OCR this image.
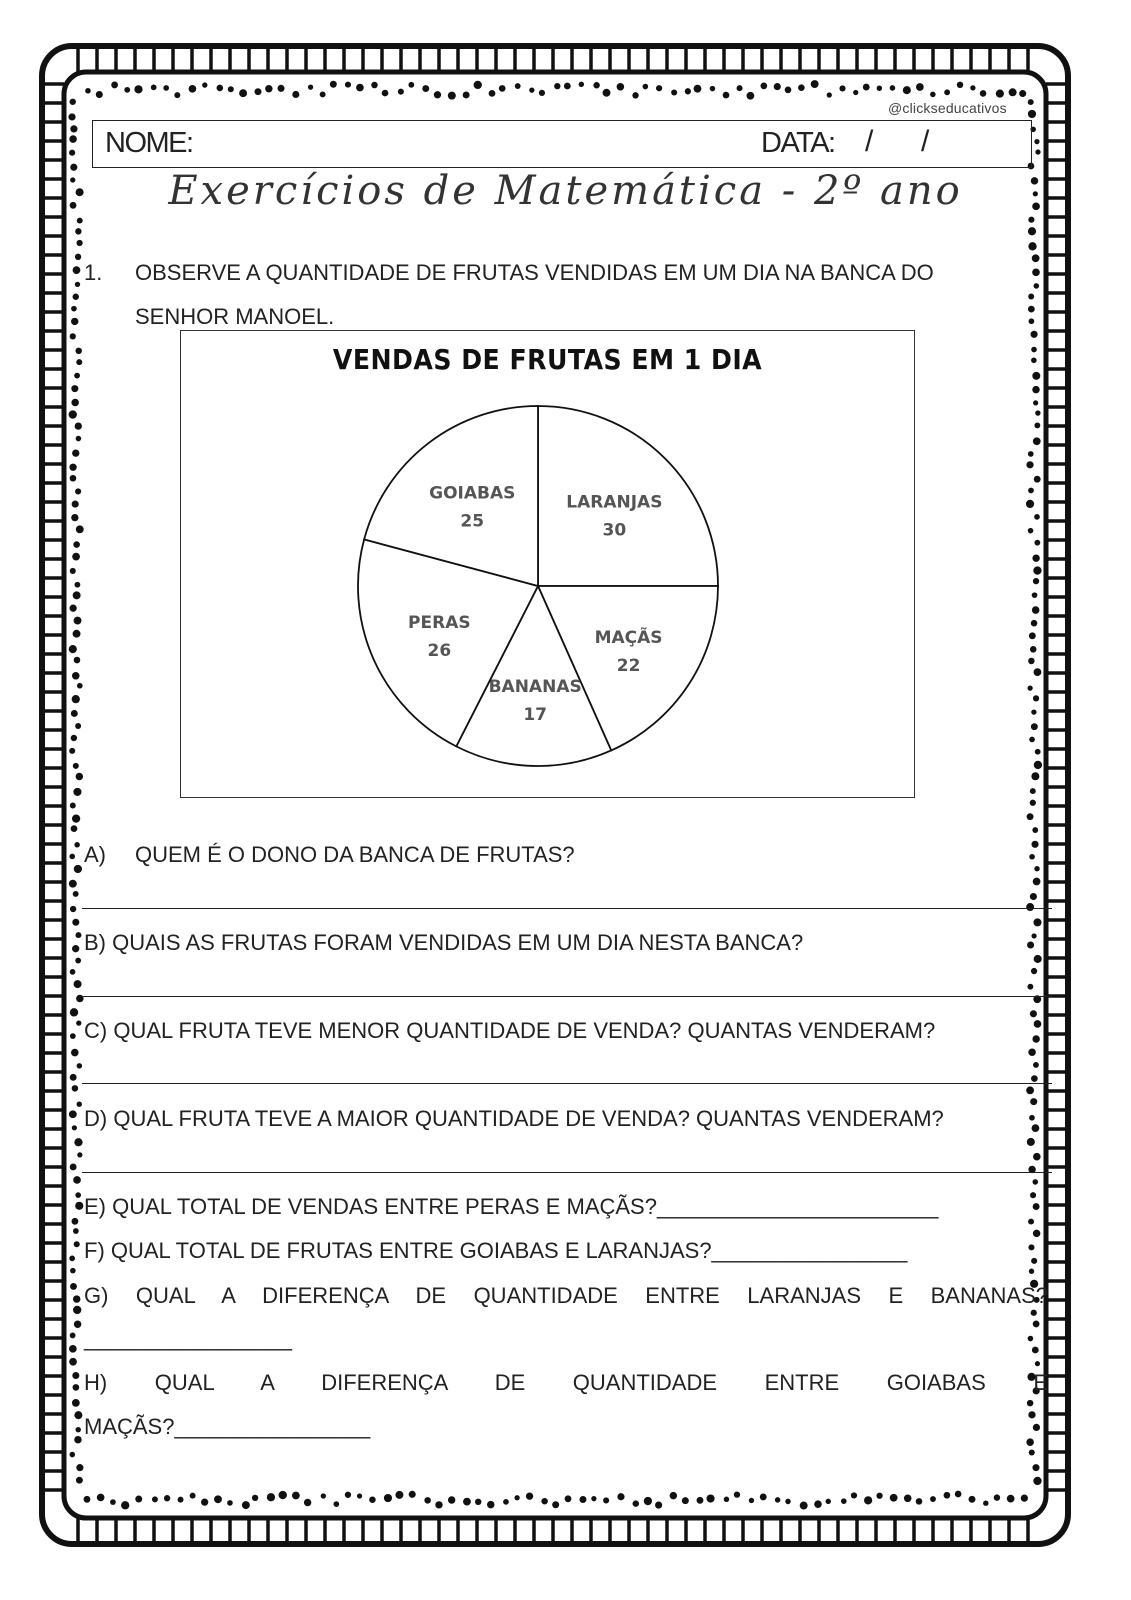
@clickseducativos
NOME:	DATA: / /
Exercícios de Matemática - 2º ano
1. OBSERVE A QUANTIDADE DE FRUTAS VENDIDAS EM UM DIA NA BANCA DO
SENHOR MANOEL.
VENDAS DE FRUTAS EM 1 DIA
LARANJAS
30
MAÇÃS
22
BANANAS
17
PERAS
26
GOIABAS
25
A) QUEM É O DONO DA BANCA DE FRUTAS?
B) QUAIS AS FRUTAS FORAM VENDIDAS EM UM DIA NESTA BANCA?
C) QUAL FRUTA TEVE MENOR QUANTIDADE DE VENDA? QUANTAS VENDERAM?
D) QUAL FRUTA TEVE A MAIOR QUANTIDADE DE VENDA? QUANTAS VENDERAM?
E) QUAL TOTAL DE VENDAS ENTRE PERAS E MAÇÃS?_______________________
F) QUAL TOTAL DE FRUTAS ENTRE GOIABAS E LARANJAS?________________
G) QUAL A DIFERENÇA DE QUANTIDADE ENTRE LARANJAS E BANANAS?
_________________
H) QUAL A DIFERENÇA DE QUANTIDADE ENTRE GOIABAS E
MAÇÃS?________________
